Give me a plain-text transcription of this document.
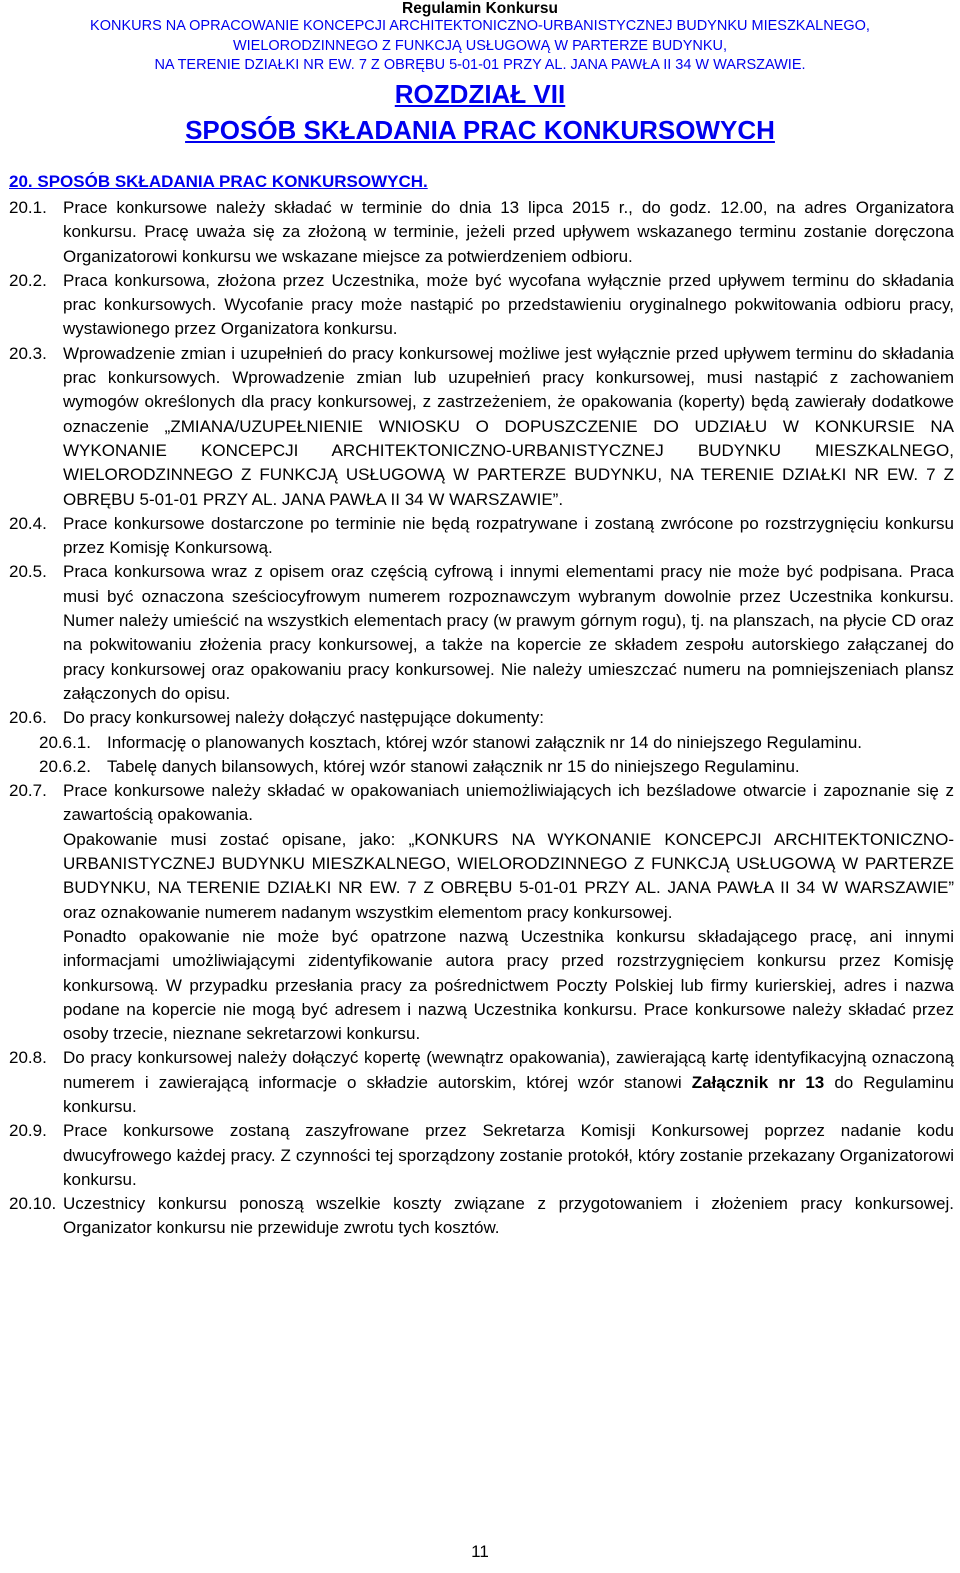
Regulamin Konkursu
KONKURS NA OPRACOWANIE KONCEPCJI ARCHITEKTONICZNO-URBANISTYCZNEJ BUDYNKU MIESZKALNEGO,
WIELORODZINNEGO Z FUNKCJĄ USŁUGOWĄ W PARTERZE BUDYNKU,
NA TERENIE DZIAŁKI NR EW. 7 Z OBRĘBU 5-01-01 PRZY AL. JANA PAWŁA II 34 W WARSZAWIE.
ROZDZIAŁ VII
SPOSÓB SKŁADANIA PRAC KONKURSOWYCH
20. SPOSÓB SKŁADANIA PRAC KONKURSOWYCH.
20.1. Prace konkursowe należy składać w terminie do dnia 13 lipca 2015 r., do godz. 12.00, na adres Organizatora konkursu. Pracę uważa się za złożoną w terminie, jeżeli przed upływem wskazanego terminu zostanie doręczona Organizatorowi konkursu we wskazane miejsce za potwierdzeniem odbioru.
20.2. Praca konkursowa, złożona przez Uczestnika, może być wycofana wyłącznie przed upływem terminu do składania prac konkursowych. Wycofanie pracy może nastąpić po przedstawieniu oryginalnego pokwitowania odbioru pracy, wystawionego przez Organizatora konkursu.
20.3. Wprowadzenie zmian i uzupełnień do pracy konkursowej możliwe jest wyłącznie przed upływem terminu do składania prac konkursowych. Wprowadzenie zmian lub uzupełnień pracy konkursowej, musi nastąpić z zachowaniem wymogów określonych dla pracy konkursowej, z zastrzeżeniem, że opakowania (koperty) będą zawierały dodatkowe oznaczenie „ZMIANA/UZUPEŁNIENIE WNIOSKU O DOPUSZCZENIE DO UDZIAŁU W KONKURSIE NA WYKONANIE KONCEPCJI ARCHITEKTONICZNO-URBANISTYCZNEJ BUDYNKU MIESZKALNEGO, WIELORODZINNEGO Z FUNKCJĄ USŁUGOWĄ W PARTERZE BUDYNKU, NA TERENIE DZIAŁKI NR EW. 7 Z OBRĘBU 5-01-01 PRZY AL. JANA PAWŁA II 34 W WARSZAWIE”.
20.4. Prace konkursowe dostarczone po terminie nie będą rozpatrywane i zostaną zwrócone po rozstrzygnięciu konkursu przez Komisję Konkursową.
20.5. Praca konkursowa wraz z opisem oraz częścią cyfrową i innymi elementami pracy nie może być podpisana. Praca musi być oznaczona sześciocyfrowym numerem rozpoznawczym wybranym dowolnie przez Uczestnika konkursu. Numer należy umieścić na wszystkich elementach pracy (w prawym górnym rogu), tj. na planszach, na płycie CD oraz na pokwitowaniu złożenia pracy konkursowej, a także na kopercie ze składem zespołu autorskiego załączanej do pracy konkursowej oraz opakowaniu pracy konkursowej. Nie należy umieszczać numeru na pomniejszeniach plansz załączonych do opisu.
20.6. Do pracy konkursowej należy dołączyć następujące dokumenty:
20.6.1. Informację o planowanych kosztach, której wzór stanowi załącznik nr 14 do niniejszego Regulaminu.
20.6.2. Tabelę danych bilansowych, której wzór stanowi załącznik nr 15 do niniejszego Regulaminu.
20.7. Prace konkursowe należy składać w opakowaniach uniemożliwiających ich bezśladowe otwarcie i zapoznanie się z zawartością opakowania.
Opakowanie musi zostać opisane, jako: „KONKURS NA WYKONANIE KONCEPCJI ARCHITEKTONICZNO-URBANISTYCZNEJ BUDYNKU MIESZKALNEGO, WIELORODZINNEGO Z FUNKCJĄ USŁUGOWĄ W PARTERZE BUDYNKU, NA TERENIE DZIAŁKI NR EW. 7 Z OBRĘBU 5-01-01 PRZY AL. JANA PAWŁA II 34 W WARSZAWIE” oraz oznakowanie numerem nadanym wszystkim elementom pracy konkursowej.
Ponadto opakowanie nie może być opatrzone nazwą Uczestnika konkursu składającego pracę, ani innymi informacjami umożliwiającymi zidentyfikowanie autora pracy przed rozstrzygnięciem konkursu przez Komisję konkursową. W przypadku przesłania pracy za pośrednictwem Poczty Polskiej lub firmy kurierskiej, adres i nazwa podane na kopercie nie mogą być adresem i nazwą Uczestnika konkursu. Prace konkursowe należy składać przez osoby trzecie, nieznane sekretarzowi konkursu.
20.8. Do pracy konkursowej należy dołączyć kopertę (wewnątrz opakowania), zawierającą kartę identyfikacyjną oznaczoną numerem i zawierającą informacje o składzie autorskim, której wzór stanowi Załącznik nr 13 do Regulaminu konkursu.
20.9. Prace konkursowe zostaną zaszyfrowane przez Sekretarza Komisji Konkursowej poprzez nadanie kodu dwucyfrowego każdej pracy. Z czynności tej sporządzony zostanie protokół, który zostanie przekazany Organizatorowi konkursu.
20.10. Uczestnicy konkursu ponoszą wszelkie koszty związane z przygotowaniem i złożeniem pracy konkursowej. Organizator konkursu nie przewiduje zwrotu tych kosztów.
11
